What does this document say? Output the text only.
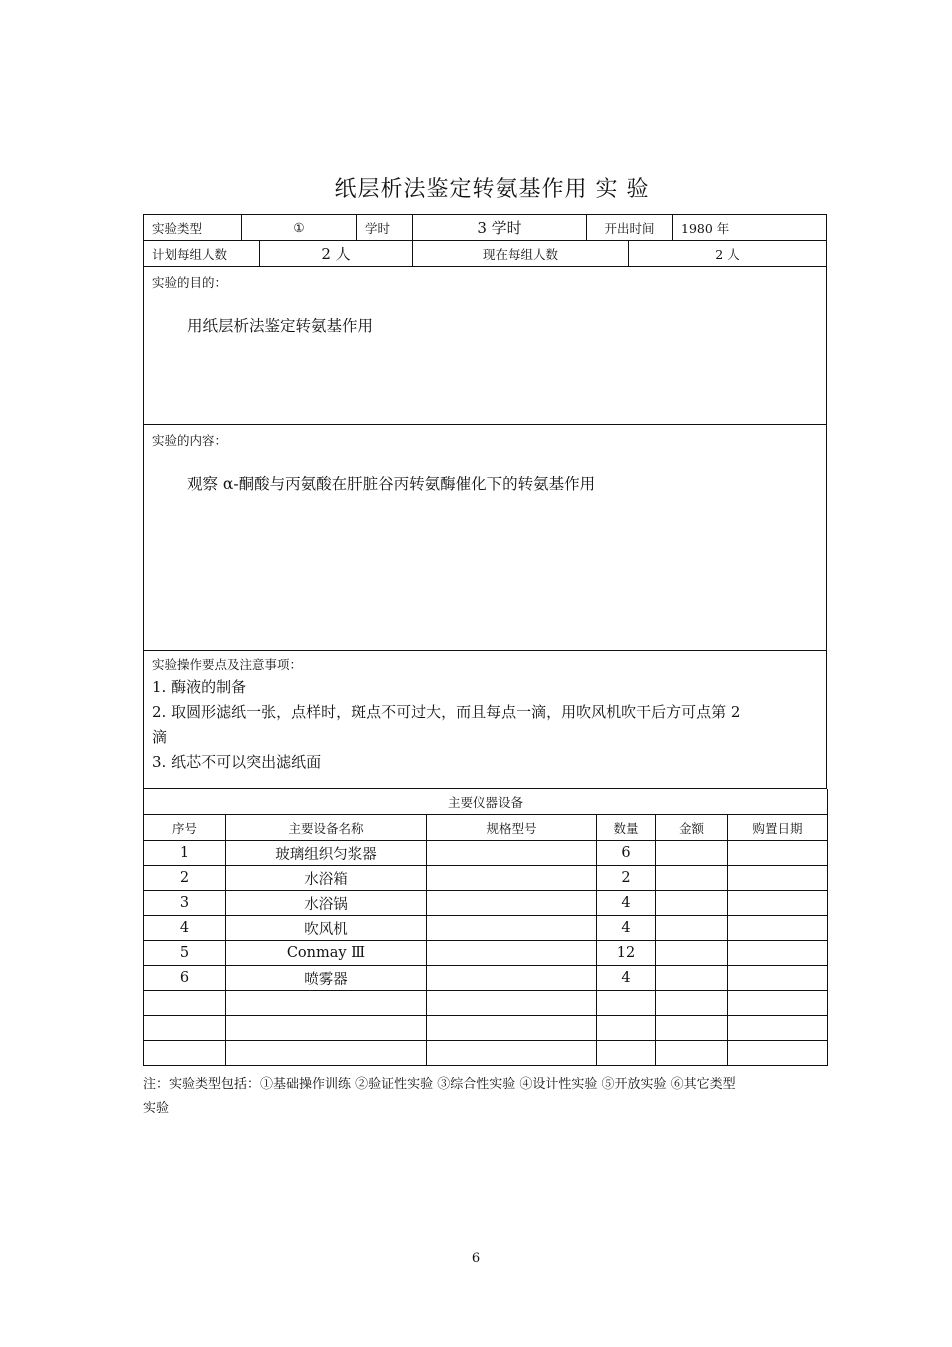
纸层析法鉴定转氨基作用 实 验
实验类型	①	学时	3 学时	开出时间	1980 年
计划每组人数	2 人	现在每组人数	2 人
实验的目的：
用纸层析法鉴定转氨基作用
实验的内容：
观察 α-酮酸与丙氨酸在肝脏谷丙转氨酶催化下的转氨基作用
实验操作要点及注意事项：
1. 酶液的制备
2. 取圆形滤纸一张，点样时，斑点不可过大，而且每点一滴，用吹风机吹干后方可点第 2
滴
3. 纸芯不可以突出滤纸面
主要仪器设备					
序号	主要设备名称	规格型号	数量	金额	购置日期
1	玻璃组织匀浆器		6		
2	水浴箱		2		
3	水浴锅		4		
4	吹风机		4		
5	Conmay Ⅲ		12		
6	喷雾器		4		

注：实验类型包括：①基础操作训练 ②验证性实验 ③综合性实验 ④设计性实验 ⑤开放实验 ⑥其它类型
实验
6
